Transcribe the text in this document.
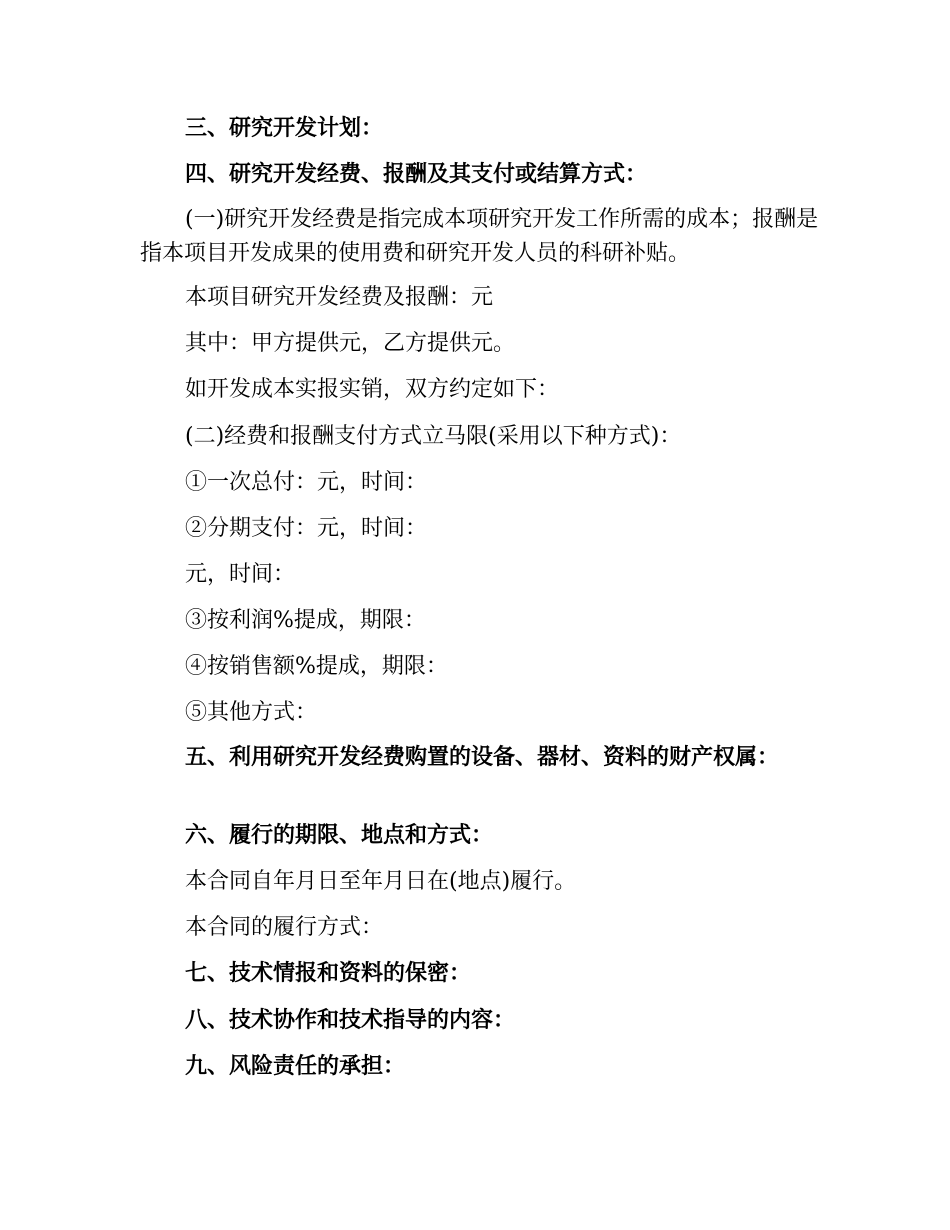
三、研究开发计划：
四、研究开发经费、报酬及其支付或结算方式：
(一)研究开发经费是指完成本项研究开发工作所需的成本；报酬是指本项目开发成果的使用费和研究开发人员的科研补贴。
本项目研究开发经费及报酬：元
其中：甲方提供元，乙方提供元。
如开发成本实报实销，双方约定如下：
(二)经费和报酬支付方式立马限(采用以下种方式)：
①一次总付：元，时间：
②分期支付：元，时间：
元，时间：
③按利润%提成，期限：
④按销售额%提成，期限：
⑤其他方式：
五、利用研究开发经费购置的设备、器材、资料的财产权属：
六、履行的期限、地点和方式：
本合同自年月日至年月日在(地点)履行。
本合同的履行方式：
七、技术情报和资料的保密：
八、技术协作和技术指导的内容：
九、风险责任的承担：
